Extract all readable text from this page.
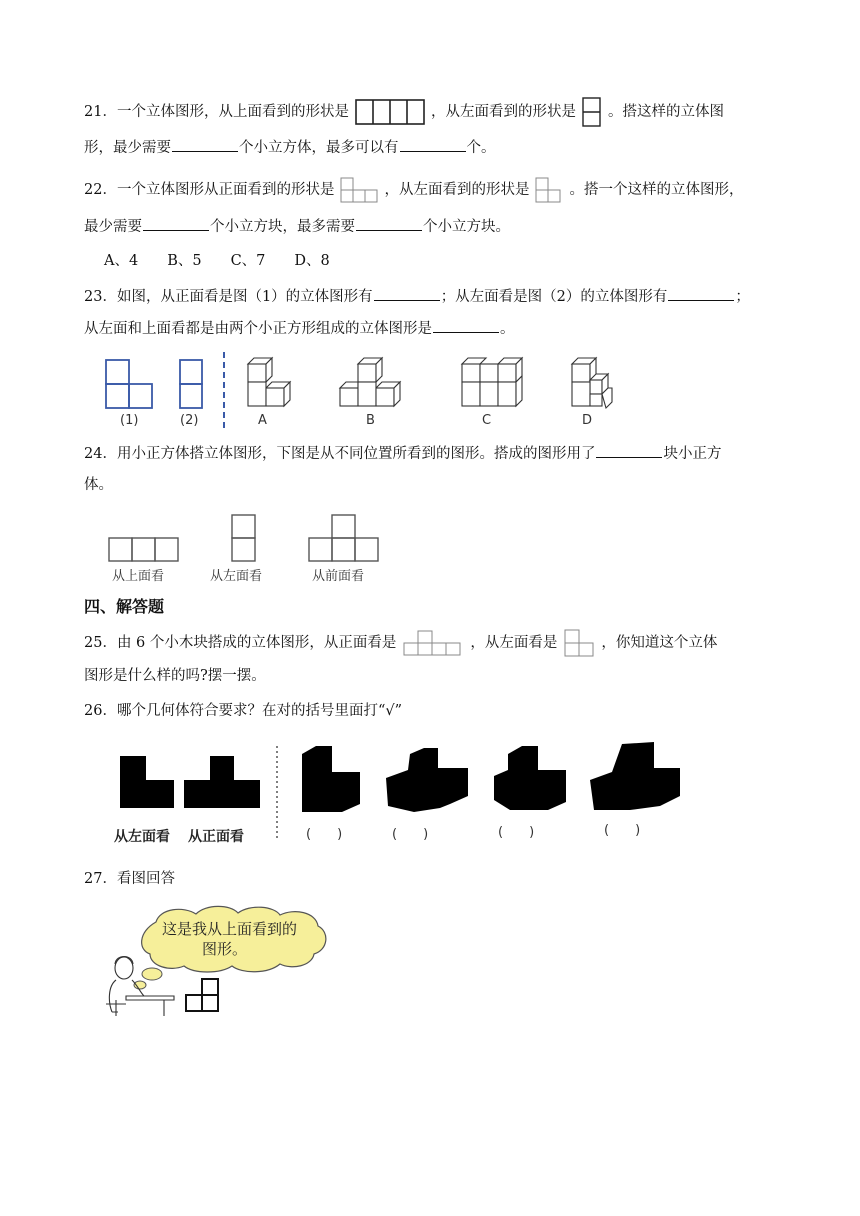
21．一个立体图形，从上面看到的形状是	，从左面看到的形状是 。搭这样的立体图
形，最少需要	个小立方体，最多可以有	个。
22．一个立体图形从正面看到的形状是	，从左面看到的形状是	。搭一个这样的立体图形，
最少需要	个小立方块，最多需要	个小立方块。
A、4　　B、5　　C、7　　D、8
23．如图，从正面看是图（1）的立体图形有	；从左面看是图（2）的立体图形有	；
从左面和上面看都是由两个小正方形组成的立体图形是	。
(1)	(2)	A	B	C	D
24．用小正方体搭立体图形，下图是从不同位置所看到的图形。搭成的图形用了	块小正方
体。
从上面看	从左面看	从前面看
四、解答题
25．由 6 个小木块搭成的立体图形，从正面看是	，从左面看是	，你知道这个立体
图形是什么样的吗?摆一摆。
26．哪个几何体符合要求？在对的括号里面打“√”
从左面看 从正面看	(　　)	(　　)	(　　)	(　　)
27．看图回答
这是我从上面看到的
图形。
